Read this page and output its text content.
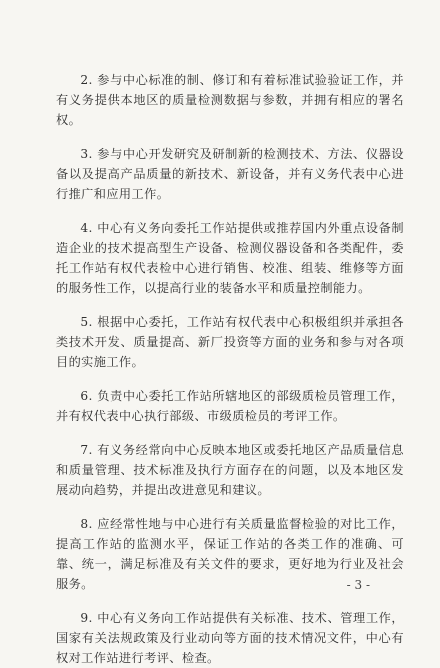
2. 参与中心标准的制、修订和有着标准试验验证工作，并有义务提供本地区的质量检测数据与参数，并拥有相应的署名权。

3. 参与中心开发研究及研制新的检测技术、方法、仪器设备以及提高产品质量的新技术、新设备，并有义务代表中心进行推广和应用工作。

4. 中心有义务向委托工作站提供或推荐国内外重点设备制造企业的技术提高型生产设备、检测仪器设备和各类配件，委托工作站有权代表检中心进行销售、校准、组装、维修等方面的服务性工作，以提高行业的装备水平和质量控制能力。

5. 根据中心委托，工作站有权代表中心积极组织并承担各类技术开发、质量提高、新厂投资等方面的业务和参与对各项目的实施工作。

6. 负责中心委托工作站所辖地区的部级质检员管理工作，并有权代表中心执行部级、市级质检员的考评工作。

7. 有义务经常向中心反映本地区或委托地区产品质量信息和质量管理、技术标准及执行方面存在的问题，以及本地区发展动向趋势，并提出改进意见和建议。

8. 应经常性地与中心进行有关质量监督检验的对比工作，提高工作站的监测水平，保证工作站的各类工作的准确、可靠、统一，满足标准及有关文件的要求，更好地为行业及社会服务。

9. 中心有义务向工作站提供有关标准、技术、管理工作，国家有关法规政策及行业动向等方面的技术情况文件，中心有权对工作站进行考评、检查。

- 3 -
